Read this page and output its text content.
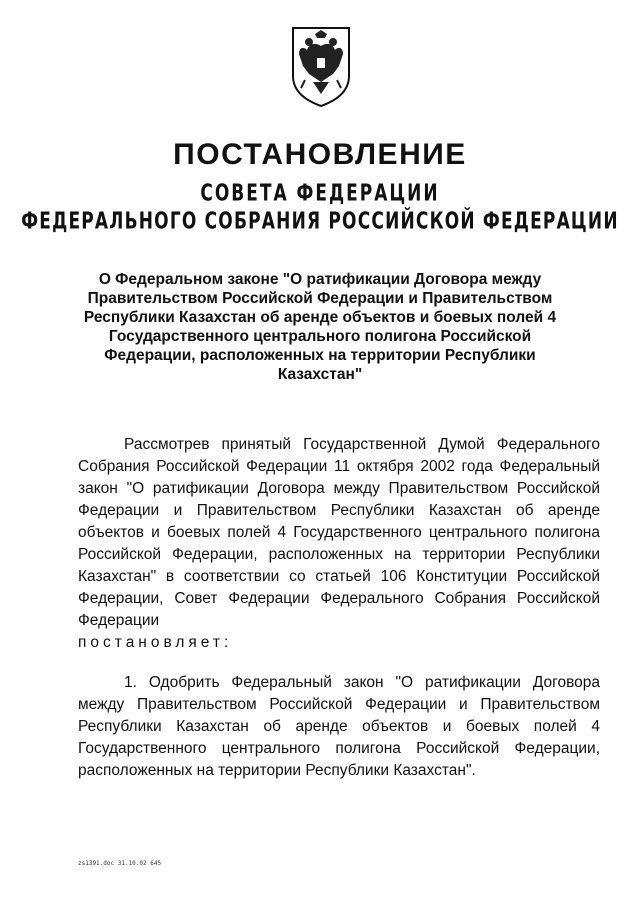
ПОСТАНОВЛЕНИЕ
СОВЕТА ФЕДЕРАЦИИ
ФЕДЕРАЛЬНОГО СОБРАНИЯ РОССИЙСКОЙ ФЕДЕРАЦИИ
О Федеральном законе "О ратификации Договора между Правительством Российской Федерации и Правительством Республики Казахстан об аренде объектов и боевых полей 4 Государственного центрального полигона Российской Федерации, расположенных на территории Республики Казахстан"
Рассмотрев принятый Государственной Думой Федерального Собрания Российской Федерации 11 октября 2002 года Федеральный закон "О ратификации Договора между Правительством Российской Федерации и Правительством Республики Казахстан об аренде объектов и боевых полей 4 Государственного центрального полигона Российской Федерации, расположенных на территории Республики Казахстан" в соответствии со статьей 106 Конституции Российской Федерации, Совет Федерации Федерального Собрания Российской Федерации
постановляет:
1. Одобрить Федеральный закон "О ратификации Договора между Правительством Российской Федерации и Правительством Республики Казахстан об аренде объектов и боевых полей 4 Государственного центрального полигона Российской Федерации, расположенных на территории Республики Казахстан".
zs1391.doc 31.10.02 645
